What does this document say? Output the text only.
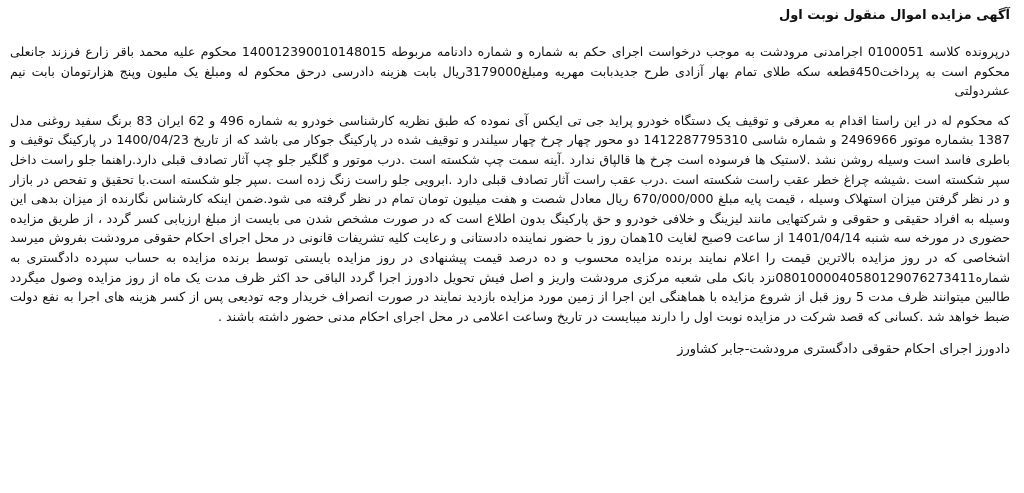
آگهی مزایده اموال منقول نوبت اول

درپرونده کلاسه 0100051 اجرامدنی مرودشت به موجب درخواست اجرای حکم به شماره و شماره دادنامه مربوطه 140012390010148015 محکوم علیه محمد باقر زارع فرزند جانعلی محکوم است به پرداخت450قطعه سکه طلای تمام بهار آزادی طرح جدیدبابت مهریه ومبلغ3179000ریال بابت هزینه دادرسی درحق محکوم له ومبلغ یک ملیون وپنج هزارتومان بابت نیم عشردولتی

که محکوم له در این راستا اقدام به معرفی و توقیف یک دستگاه خودرو پراید جی تی ایکس آی نموده که طبق نظریه کارشناسی خودرو به شماره 496 و 62 ایران 83 برنگ سفید روغنی مدل 1387 بشماره موتور 2496966 و شماره شاسی 1412287795310 دو محور چهار چرخ چهار سیلندر و توقیف شده در پارکینگ جوکار می باشد که از تاریخ 1400/04/23 در پارکینگ توقیف و باطری فاسد است وسیله روشن نشد .لاستیک ها فرسوده است چرخ ها قالپاق ندارد .آینه سمت چپ شکسته است .درب موتور و گلگیر جلو چپ آثار تصادف قبلی دارد.راهنما جلو راست داخل سپر شکسته است .شیشه چراغ خطر عقب راست شکسته است .درب عقب راست آثار تصادف قبلی دارد .ابرویی جلو راست زنگ زده است .سپر جلو شکسته است.با تحقیق و تفحص در بازار و در نظر گرفتن میزان استهلاک وسیله ، قیمت پایه مبلغ 670/000/000 ریال معادل شصت و هفت میلیون تومان تمام در نظر گرفته می شود.ضمن اینکه کارشناس نگارنده از میزان بدهی این وسیله به افراد حقیقی و حقوقی و شرکتهایی مانند لیزینگ و خلافی خودرو و حق پارکینگ بدون اطلاع است که در صورت مشخص شدن می بایست از مبلغ ارزیابی کسر گردد ، از طریق مزایده حضوری در مورخه سه شنبه 1401/04/14 از ساعت 9صبح لغایت 10همان روز با حضور نماینده دادستانی و رعایت کلیه تشریفات قانونی در محل اجرای احکام حقوقی مرودشت بفروش میرسد اشخاصی که در روز مزایده بالاترین قیمت را اعلام نمایند برنده مزایده محسوب و ده درصد قیمت پیشنهادی در روز مزایده بایستی توسط برنده مزایده به حساب سپرده دادگستری به شماره0801000040580129076273411نزد بانک ملی شعبه مرکزی مرودشت واریز و اصل فیش تحویل دادورز اجرا گردد الباقی حد اکثر ظرف مدت یک ماه از روز مزایده وصول میگردد طالبین میتوانند ظرف مدت 5 روز قبل از شروع مزایده با هماهنگی این اجرا از زمین مورد مزایده بازدید نمایند در صورت انصراف خریدار وجه تودیعی پس از کسر هزینه های اجرا به نفع دولت ضبط خواهد شد .کسانی که قصد شرکت در مزایده نوبت اول را دارند میبایست در تاریخ وساعت اعلامی در محل اجرای احکام مدنی حضور داشته باشند .

دادورز اجرای احکام حقوقی دادگستری مرودشت-جابر کشاورز
